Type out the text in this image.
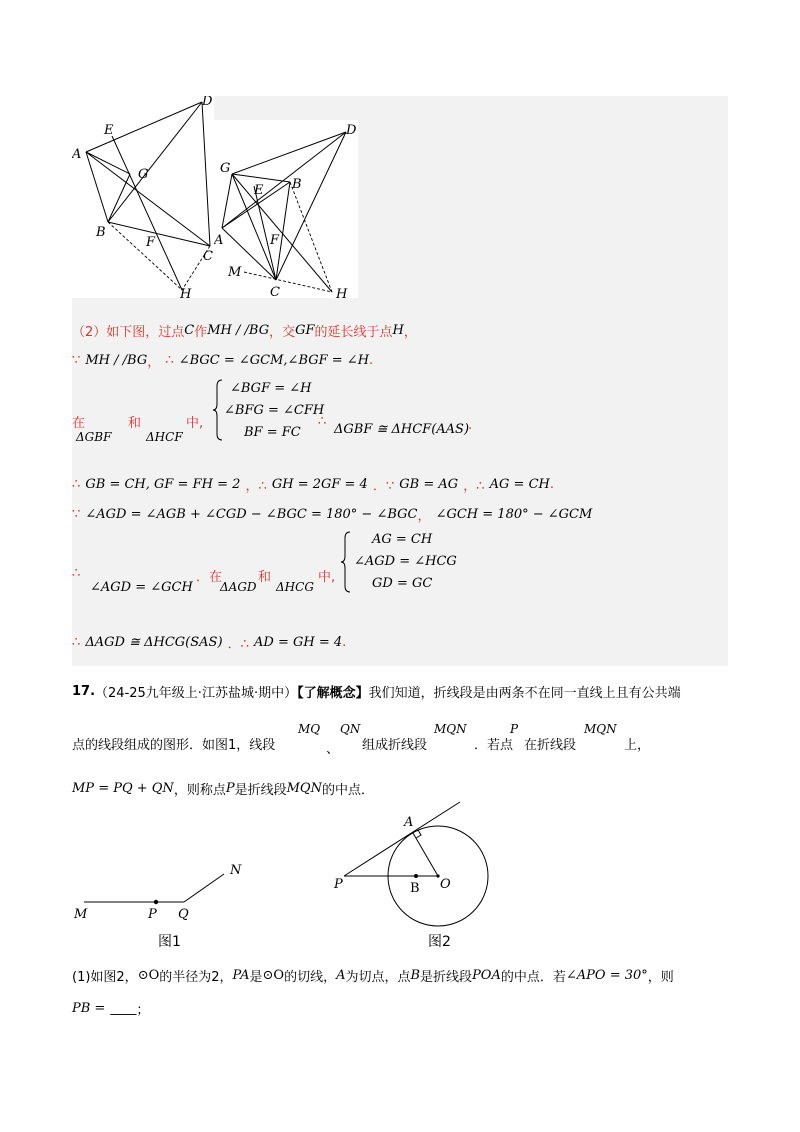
D
E
A
G
B
F
C
H
D
G
E B
A	F
M
C	H
（2）如下图，过点C作MH / /BG，交GF的延长线于点H，
∵ MH / /BG， ∴ ∠BGC = ∠GCM,∠BGF = ∠H.
在
ΔGBF
和
ΔHCF
中,
∠BGF = ∠H
∠BFG = ∠CFH
BF = FC
∴
ΔGBF ≅ ΔHCF(AAS)
.
∴ GB = CH, GF = FH = 2 ，∴ GH = 2GF = 4 ．∵ GB = AG ，∴ AG = CH.
∵ ∠AGD = ∠AGB + ∠CGD − ∠BGC = 180° − ∠BGC， ∠GCH = 180° − ∠GCM
∴
∠AGD = ∠GCH
．在
ΔAGD
和
ΔHCG
中,
AG = CH
∠AGD = ∠HCG
GD = GC
∴ ΔAGD ≅ ΔHCG(SAS) ．∴ AD = GH = 4.
17.（24-25九年级上·江苏盐城·期中）【了解概念】我们知道，折线段是由两条不在同一直线上且有公共端
点的线段组成的图形．如图1，线段
MQ
、
QN
组成折线段
MQN
．若点
P
在折线段
MQN
上，
MP = PQ + QN，则称点P是折线段MQN的中点．
N
M	P Q
图1
A
P	B O
图2
(1)如图2，⊙O的半径为2，PA是⊙O的切线，A为切点，点B是折线段POA的中点．若∠APO = 30°，则
PB = ____；
